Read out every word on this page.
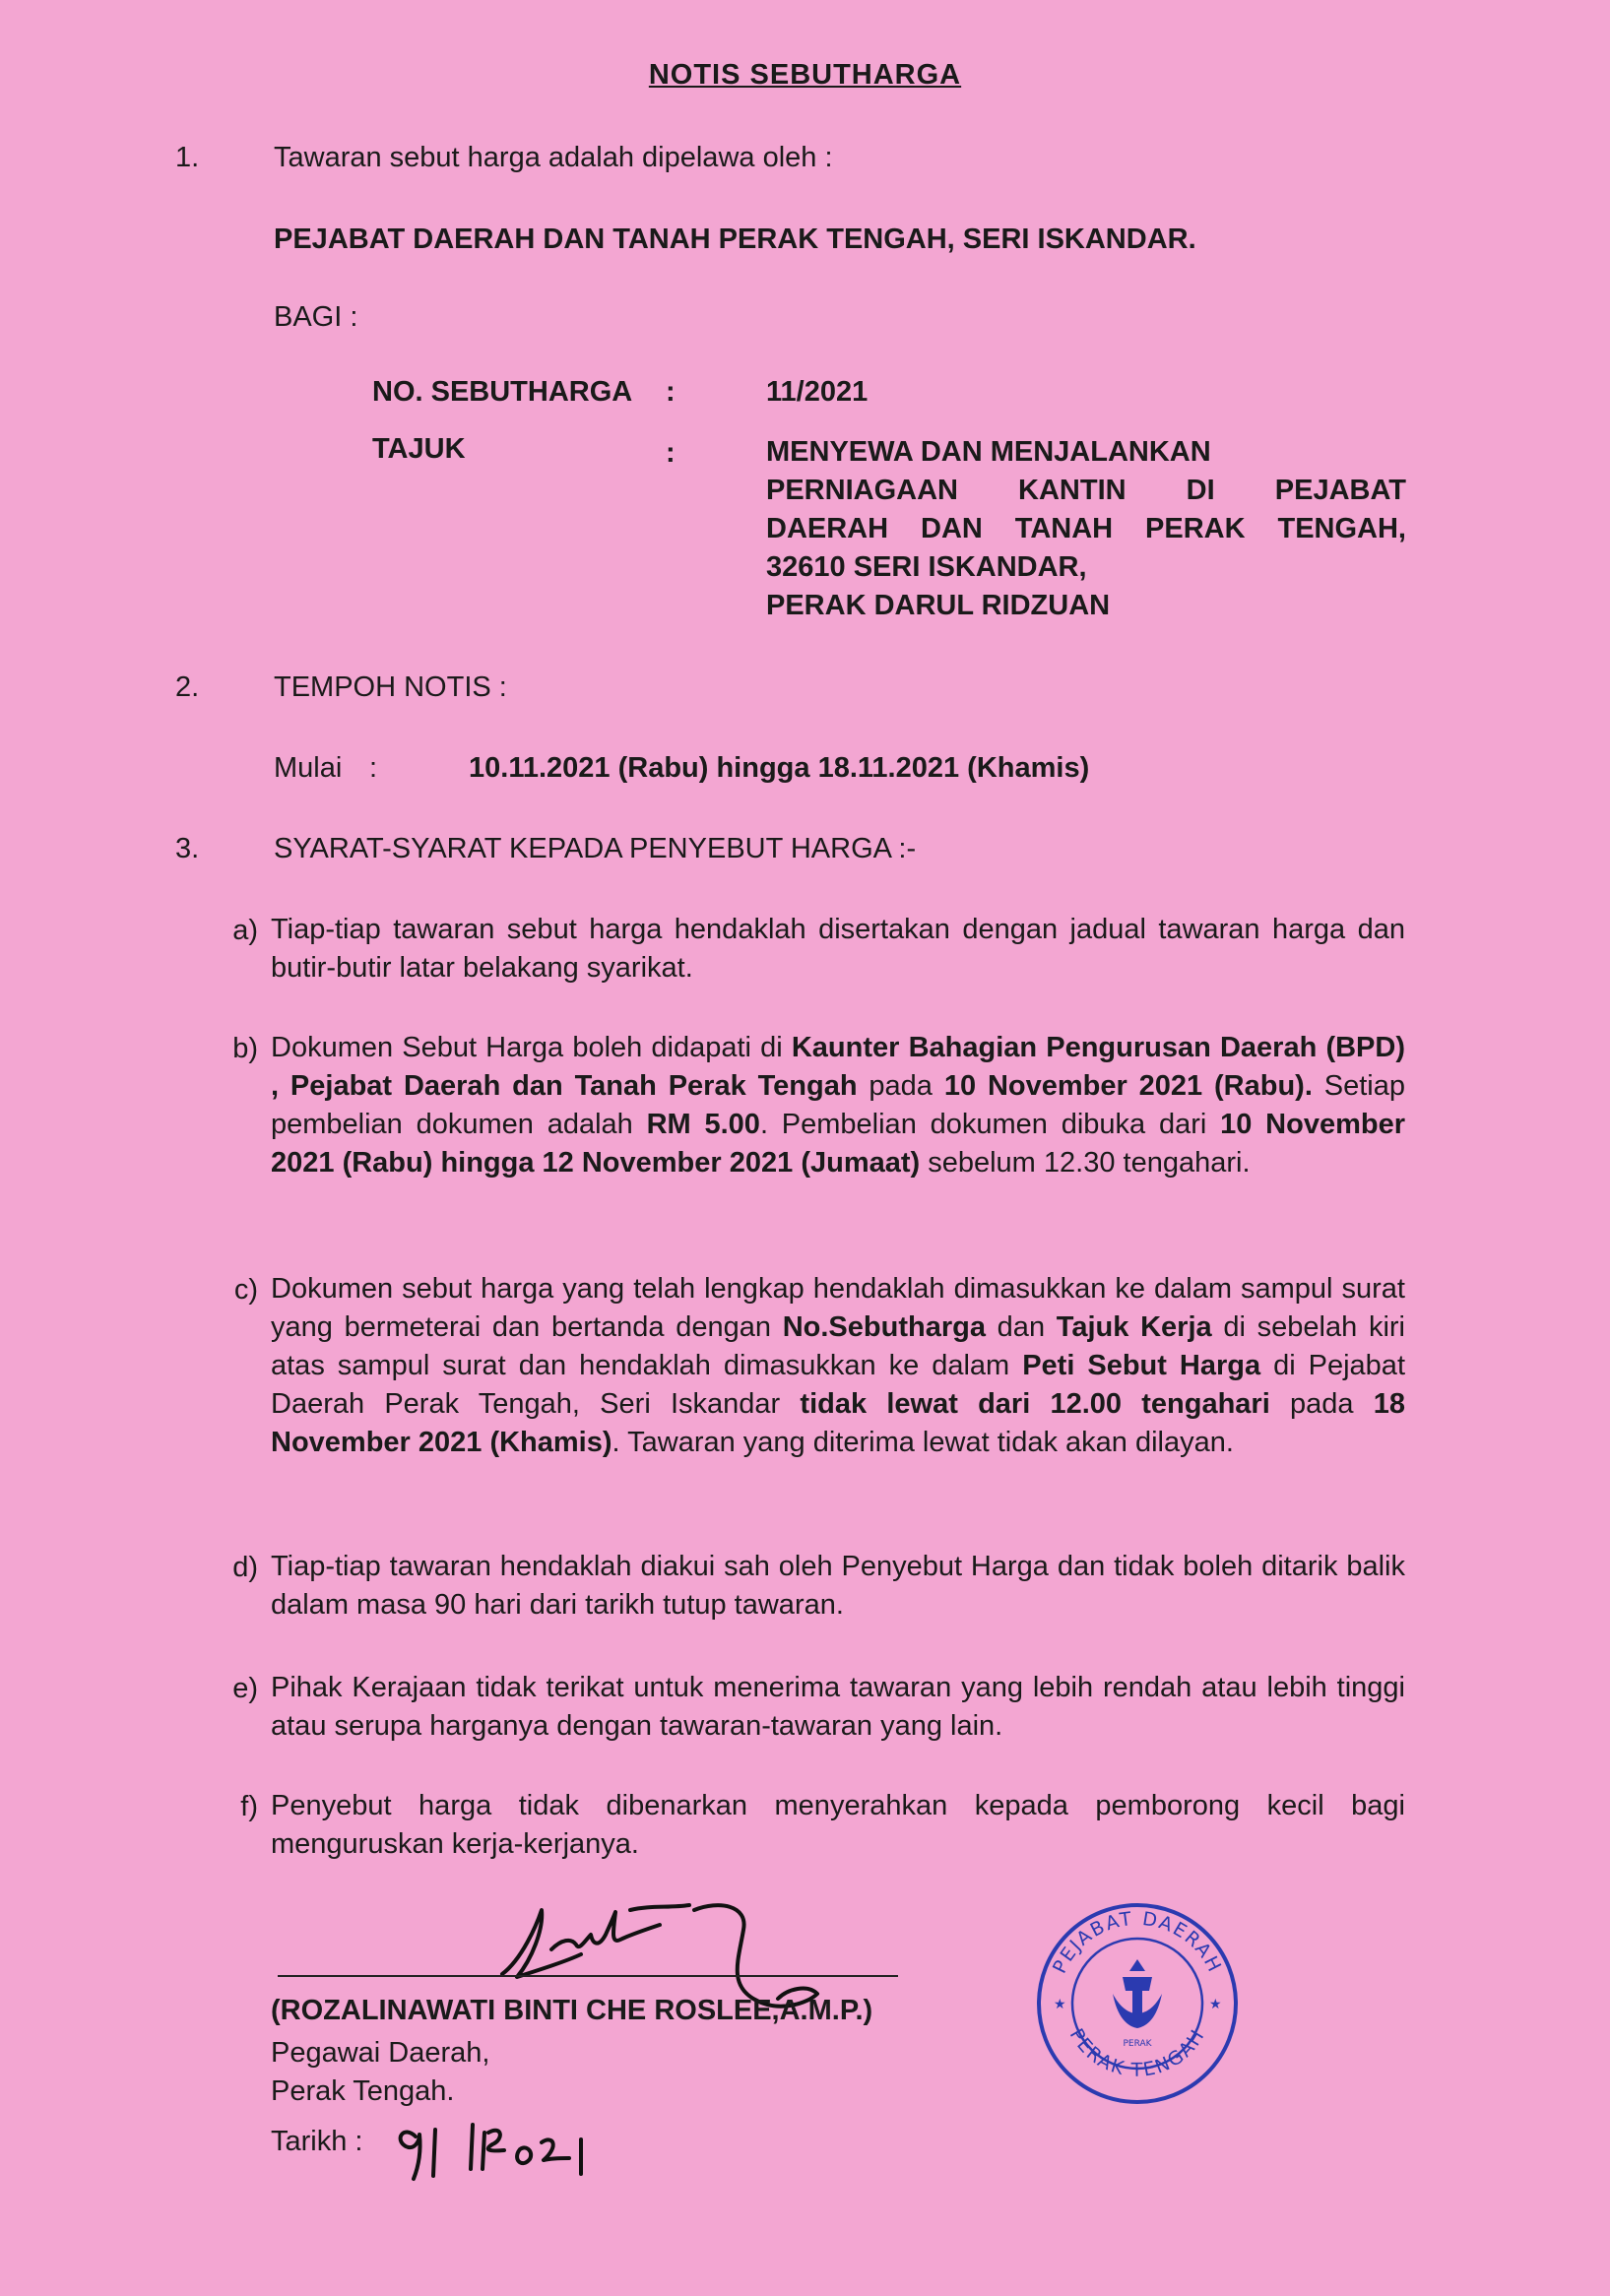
NOTIS SEBUTHARGA
1.	Tawaran sebut harga adalah dipelawa oleh :
PEJABAT DAERAH DAN TANAH PERAK TENGAH, SERI ISKANDAR.
BAGI :
NO. SEBUTHARGA :	11/2021
TAJUK	:	MENYEWA DAN MENJALANKAN
PERNIAGAAN KANTIN DI PEJABAT
DAERAH DAN TANAH PERAK TENGAH,
32610 SERI ISKANDAR,
PERAK DARUL RIDZUAN
2.	TEMPOH NOTIS :
Mulai :	10.11.2021 (Rabu) hingga 18.11.2021 (Khamis)
3.	SYARAT-SYARAT KEPADA PENYEBUT HARGA :-
a) Tiap-tiap tawaran sebut harga hendaklah disertakan dengan jadual tawaran harga dan butir-butir latar belakang syarikat.
b) Dokumen Sebut Harga boleh didapati di Kaunter Bahagian Pengurusan Daerah (BPD) , Pejabat Daerah dan Tanah Perak Tengah pada 10 November 2021 (Rabu). Setiap pembelian dokumen adalah RM 5.00. Pembelian dokumen dibuka dari 10 November 2021 (Rabu) hingga 12 November 2021 (Jumaat) sebelum 12.30 tengahari.
c) Dokumen sebut harga yang telah lengkap hendaklah dimasukkan ke dalam sampul surat yang bermeterai dan bertanda dengan No.Sebutharga dan Tajuk Kerja di sebelah kiri atas sampul surat dan hendaklah dimasukkan ke dalam Peti Sebut Harga di Pejabat Daerah Perak Tengah, Seri Iskandar tidak lewat dari 12.00 tengahari pada 18 November 2021 (Khamis). Tawaran yang diterima lewat tidak akan dilayan.
d) Tiap-tiap tawaran hendaklah diakui sah oleh Penyebut Harga dan tidak boleh ditarik balik dalam masa 90 hari dari tarikh tutup tawaran.
e) Pihak Kerajaan tidak terikat untuk menerima tawaran yang lebih rendah atau lebih tinggi atau serupa harganya dengan tawaran-tawaran yang lain.
f) Penyebut harga tidak dibenarkan menyerahkan kepada pemborong kecil bagi menguruskan kerja-kerjanya.
(ROZALINAWATI BINTI CHE ROSLEE,A.M.P.)
Pegawai Daerah,
Perak Tengah.
Tarikh :
PEJABAT DAERAH
PERAK TENGAH
★	★
PERAK
